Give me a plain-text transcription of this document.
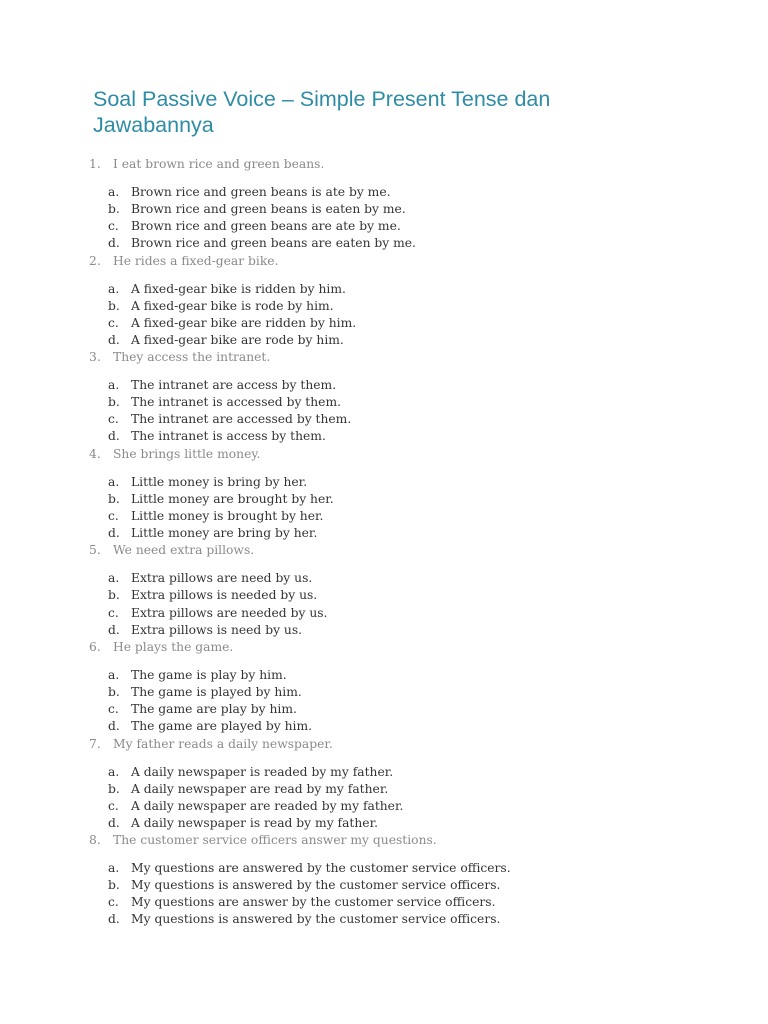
Soal Passive Voice – Simple Present Tense dan Jawabannya
1. I eat brown rice and green beans.
a. Brown rice and green beans is ate by me.
b. Brown rice and green beans is eaten by me.
c. Brown rice and green beans are ate by me.
d. Brown rice and green beans are eaten by me.
2. He rides a fixed-gear bike.
a. A fixed-gear bike is ridden by him.
b. A fixed-gear bike is rode by him.
c. A fixed-gear bike are ridden by him.
d. A fixed-gear bike are rode by him.
3. They access the intranet.
a. The intranet are access by them.
b. The intranet is accessed by them.
c. The intranet are accessed by them.
d. The intranet is access by them.
4. She brings little money.
a. Little money is bring by her.
b. Little money are brought by her.
c. Little money is brought by her.
d. Little money are bring by her.
5. We need extra pillows.
a. Extra pillows are need by us.
b. Extra pillows is needed by us.
c. Extra pillows are needed by us.
d. Extra pillows is need by us.
6. He plays the game.
a. The game is play by him.
b. The game is played by him.
c. The game are play by him.
d. The game are played by him.
7. My father reads a daily newspaper.
a. A daily newspaper is readed by my father.
b. A daily newspaper are read by my father.
c. A daily newspaper are readed by my father.
d. A daily newspaper is read by my father.
8. The customer service officers answer my questions.
a. My questions are answered by the customer service officers.
b. My questions is answered by the customer service officers.
c. My questions are answer by the customer service officers.
d. My questions is answered by the customer service officers.
